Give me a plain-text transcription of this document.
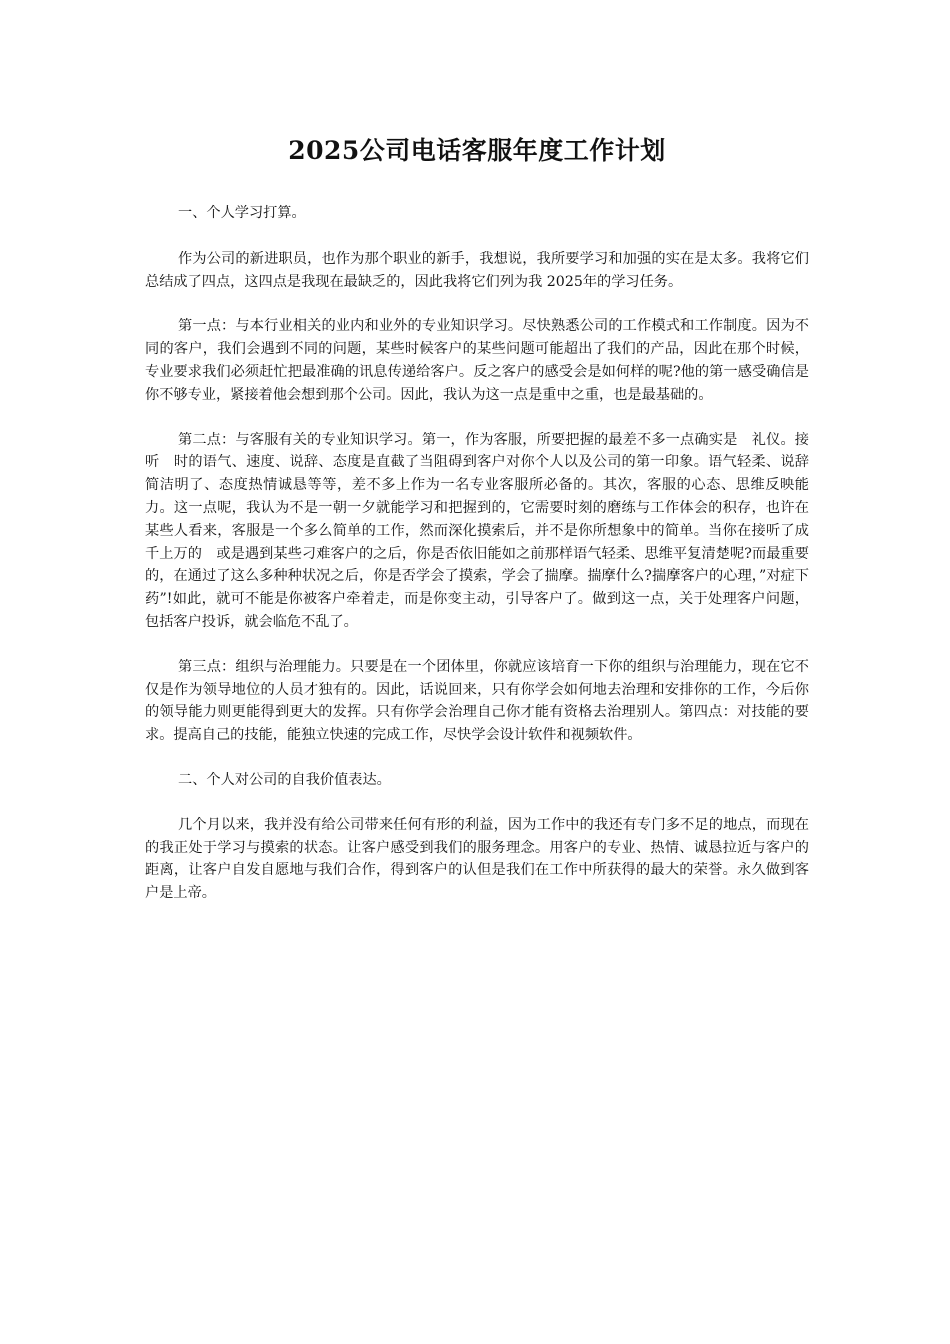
2025公司电话客服年度工作计划

一、个人学习打算。

作为公司的新进职员，也作为那个职业的新手，我想说，我所要学习和加强的实在是太多。我将它们总结成了四点，这四点是我现在最缺乏的，因此我将它们列为我 2025年的学习任务。

第一点：与本行业相关的业内和业外的专业知识学习。尽快熟悉公司的工作模式和工作制度。因为不同的客户，我们会遇到不同的问题，某些时候客户的某些问题可能超出了我们的产品，因此在那个时候，专业要求我们必须赶忙把最准确的讯息传递给客户。反之客户的感受会是如何样的呢?他的第一感受确信是你不够专业，紧接着他会想到那个公司。因此，我认为这一点是重中之重，也是最基础的。

第二点：与客服有关的专业知识学习。第一，作为客服，所要把握的最差不多一点确实是　礼仪。接听　时的语气、速度、说辞、态度是直截了当阻碍到客户对你个人以及公司的第一印象。语气轻柔、说辞简洁明了、态度热情诚恳等等，差不多上作为一名专业客服所必备的。其次，客服的心态、思维反映能力。这一点呢，我认为不是一朝一夕就能学习和把握到的，它需要时刻的磨练与工作体会的积存，也许在某些人看来，客服是一个多么简单的工作，然而深化摸索后，并不是你所想象中的简单。当你在接听了成千上万的　或是遇到某些刁难客户的之后，你是否依旧能如之前那样语气轻柔、思维平复清楚呢?而最重要的，在通过了这么多种种状况之后，你是否学会了摸索，学会了揣摩。揣摩什么?揣摩客户的心理，”对症下药”!如此，就可不能是你被客户牵着走，而是你变主动，引导客户了。做到这一点，关于处理客户问题，包括客户投诉，就会临危不乱了。

第三点：组织与治理能力。只要是在一个团体里，你就应该培育一下你的组织与治理能力，现在它不仅是作为领导地位的人员才独有的。因此，话说回来，只有你学会如何地去治理和安排你的工作，今后你的领导能力则更能得到更大的发挥。只有你学会治理自己你才能有资格去治理别人。第四点：对技能的要求。提高自己的技能，能独立快速的完成工作，尽快学会设计软件和视频软件。

二、个人对公司的自我价值表达。

几个月以来，我并没有给公司带来任何有形的利益，因为工作中的我还有专门多不足的地点，而现在的我正处于学习与摸索的状态。让客户感受到我们的服务理念。用客户的专业、热情、诚恳拉近与客户的距离，让客户自发自愿地与我们合作，得到客户的认但是我们在工作中所获得的最大的荣誉。永久做到客户是上帝。
